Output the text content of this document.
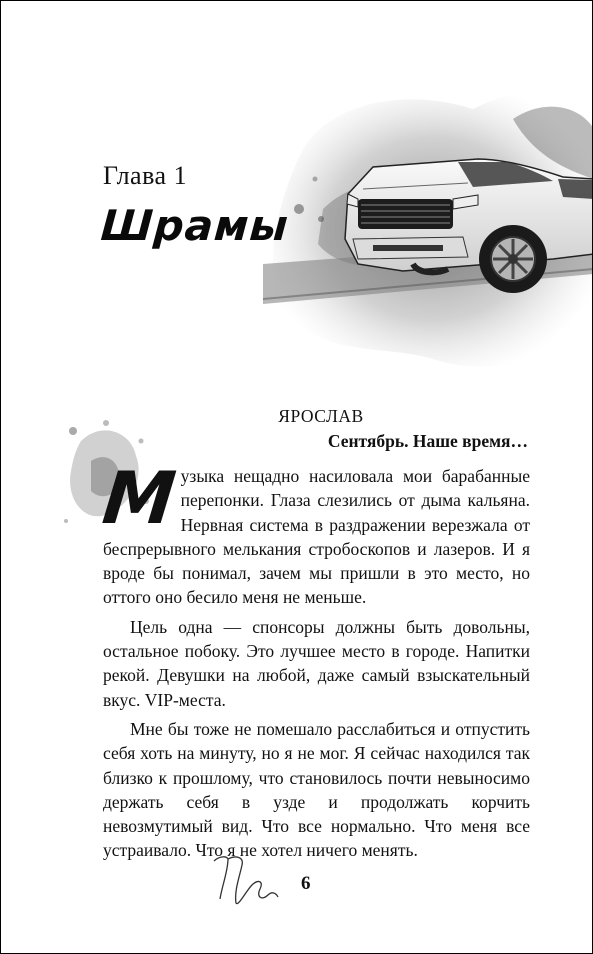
Глава 1
Шрамы
ЯРОСЛАВ
Сентябрь. Наше время…

Музыка нещадно насиловала мои барабанные перепонки. Глаза слезились от дыма кальяна. Нервная система в раздражении верезжала от беспрерывного мелькания стробоскопов и лазеров. И я вроде бы понимал, зачем мы пришли в это место, но оттого оно бесило меня не меньше.

Цель одна — спонсоры должны быть довольны, остальное побоку. Это лучшее место в городе. Напитки рекой. Девушки на любой, даже самый взыскательный вкус. VIP-места.

Мне бы тоже не помешало расслабиться и отпустить себя хоть на минуту, но я не мог. Я сейчас находился так близко к прошлому, что становилось почти невыносимо держать себя в узде и продолжать корчить невозмутимый вид. Что все нормально. Что меня все устраивало. Что я не хотел ничего менять.

6
